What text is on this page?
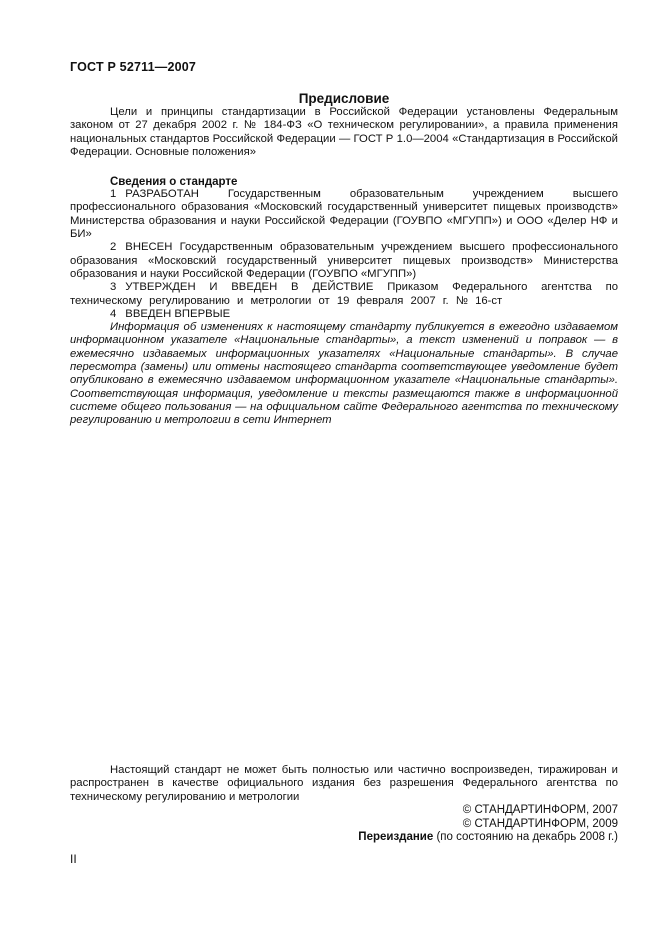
ГОСТ Р 52711—2007
Предисловие

Цели и принципы стандартизации в Российской Федерации установлены Федеральным законом от 27 декабря 2002 г. № 184-ФЗ «О техническом регулировании», а правила применения национальных стандартов Российской Федерации — ГОСТ Р 1.0—2004 «Стандартизация в Российской Федерации. Основные положения»

Сведения о стандарте

1 РАЗРАБОТАН Государственным образовательным учреждением высшего профессионального образования «Московский государственный университет пищевых производств» Министерства образования и науки Российской Федерации (ГОУВПО «МГУПП») и ООО «Делер НФ и БИ»

2 ВНЕСЕН Государственным образовательным учреждением высшего профессионального образования «Московский государственный университет пищевых производств» Министерства образования и науки Российской Федерации (ГОУВПО «МГУПП»)

3 УТВЕРЖДЕН И ВВЕДЕН В ДЕЙСТВИЕ Приказом Федерального агентства по техническому регулированию и метрологии от 19 февраля 2007 г. № 16-ст

4 ВВЕДЕН ВПЕРВЫЕ

Информация об изменениях к настоящему стандарту публикуется в ежегодно издаваемом информационном указателе «Национальные стандарты», а текст изменений и поправок — в ежемесячно издаваемых информационных указателях «Национальные стандарты». В случае пересмотра (замены) или отмены настоящего стандарта соответствующее уведомление будет опубликовано в ежемесячно издаваемом информационном указателе «Национальные стандарты». Соответствующая информация, уведомление и тексты размещаются также в информационной системе общего пользования — на официальном сайте Федерального агентства по техническому регулированию и метрологии в сети Интернет

Настоящий стандарт не может быть полностью или частично воспроизведен, тиражирован и распространен в качестве официального издания без разрешения Федерального агентства по техническому регулированию и метрологии

© СТАНДАРТИНФОРМ, 2007
© СТАНДАРТИНФОРМ, 2009
Переиздание (по состоянию на декабрь 2008 г.)
II
